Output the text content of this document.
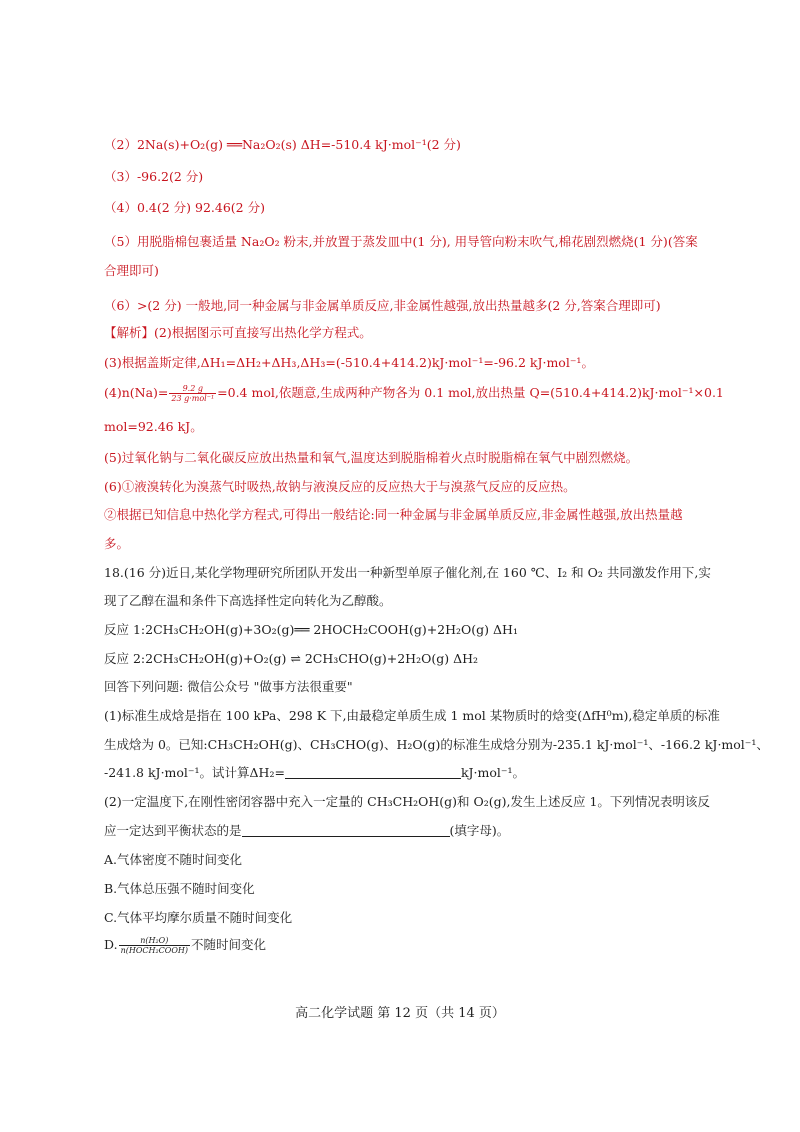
（2）2Na(s)+O₂(g) ══Na₂O₂(s) ΔH=-510.4 kJ·mol⁻¹(2 分)
（3）-96.2(2 分)
（4）0.4(2 分) 92.46(2 分)
（5）用脱脂棉包裹适量 Na₂O₂ 粉末,并放置于蒸发皿中(1 分), 用导管向粉末吹气,棉花剧烈燃烧(1 分)(答案
合理即可)
（6）>(2 分) 一般地,同一种金属与非金属单质反应,非金属性越强,放出热量越多(2 分,答案合理即可)
【解析】(2)根据图示可直接写出热化学方程式。
(3)根据盖斯定律,ΔH₁=ΔH₂+ΔH₃,ΔH₃=(-510.4+414.2)kJ·mol⁻¹=-96.2 kJ·mol⁻¹。
$(4)n(Na)= \frac{9.2 g}{\text{23 g·mol⁻¹}} =0.4$ mol,依题意,生成两种产物各为 0.1 mol,放出热量 Q=(510.4+414.2)kJ·mol⁻¹×0.1
mol=92.46 kJ。
(5)过氧化钠与二氧化碳反应放出热量和氧气,温度达到脱脂棉着火点时脱脂棉在氧气中剧烈燃烧。
(6)①液溴转化为溴蒸气时吸热,故钠与液溴反应的反应热大于与溴蒸气反应的反应热。
②根据已知信息中热化学方程式,可得出一般结论:同一种金属与非金属单质反应,非金属性越强,放出热量越
多。
18.(16 分)近日,某化学物理研究所团队开发出一种新型单原子催化剂,在 160 ℃、I₂ 和 O₂ 共同激发作用下,实
现了乙醇在温和条件下高选择性定向转化为乙醇酸。
反应 1:2CH₃CH₂OH(g)+3O₂(g)══ 2HOCH₂COOH(g)+2H₂O(g) ΔH₁
反应 2:2CH₃CH₂OH(g)+O₂(g) ⇌ 2CH₃CHO(g)+2H₂O(g) ΔH₂
回答下列问题: 微信公众号 "做事方法很重要"
(1)标准生成焓是指在 100 kPa、298 K 下,由最稳定单质生成 1 mol 某物质时的焓变(ΔfH⁰m),稳定单质的标准
生成焓为 0。已知:CH₃CH₂OH(g)、CH₃CHO(g)、H₂O(g)的标准生成焓分别为-235.1 kJ·mol⁻¹、-166.2 kJ·mol⁻¹、
-241.8 kJ·mol⁻¹。试计算ΔH₂=	kJ·mol⁻¹。
(2)一定温度下,在刚性密闭容器中充入一定量的 CH₃CH₂OH(g)和 O₂(g),发生上述反应 1。下列情况表明该反
应一定达到平衡状态的是	(填字母)。
A.气体密度不随时间变化
B.气体总压强不随时间变化
C.气体平均摩尔质量不随时间变化
D. $\frac{\text{n(H₂O)}}{\text{n(HOCH₂COOH)}}$ 不随时间变化
高二化学试题 第 12 页（共 14 页）
